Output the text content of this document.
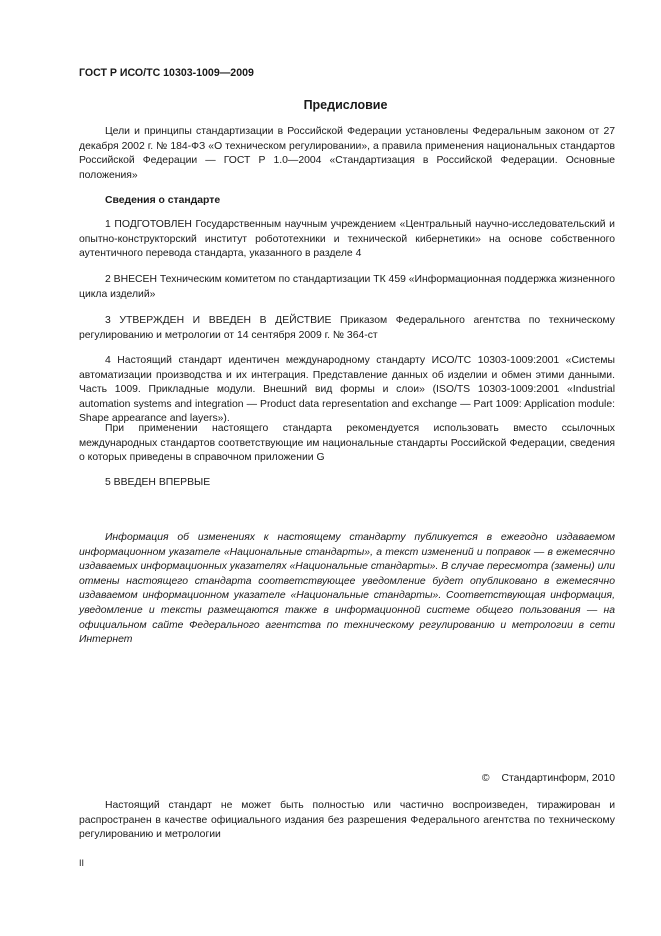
ГОСТ Р ИСО/ТС 10303-1009—2009
Предисловие

Цели и принципы стандартизации в Российской Федерации установлены Федеральным законом от 27 декабря 2002 г. № 184-ФЗ «О техническом регулировании», а правила применения национальных стандартов Российской Федерации — ГОСТ Р 1.0—2004 «Стандартизация в Российской Федерации. Основные положения»

Сведения о стандарте

1 ПОДГОТОВЛЕН Государственным научным учреждением «Центральный научно-исследовательский и опытно-конструкторский институт робототехники и технической кибернетики» на основе собственного аутентичного перевода стандарта, указанного в разделе 4

2 ВНЕСЕН Техническим комитетом по стандартизации ТК 459 «Информационная поддержка жизненного цикла изделий»

3 УТВЕРЖДЕН И ВВЕДЕН В ДЕЙСТВИЕ Приказом Федерального агентства по техническому регулированию и метрологии от 14 сентября 2009 г. № 364-ст

4 Настоящий стандарт идентичен международному стандарту ИСО/ТС 10303-1009:2001 «Системы автоматизации производства и их интеграция. Представление данных об изделии и обмен этими данными. Часть 1009. Прикладные модули. Внешний вид формы и слои» (ISO/TS 10303-1009:2001 «Industrial automation systems and integration — Product data representation and exchange — Part 1009: Application module: Shape appearance and layers»).

При применении настоящего стандарта рекомендуется использовать вместо ссылочных международных стандартов соответствующие им национальные стандарты Российской Федерации, сведения о которых приведены в справочном приложении G

5 ВВЕДЕН ВПЕРВЫЕ

Информация об изменениях к настоящему стандарту публикуется в ежегодно издаваемом информационном указателе «Национальные стандарты», а текст изменений и поправок — в ежемесячно издаваемых информационных указателях «Национальные стандарты». В случае пересмотра (замены) или отмены настоящего стандарта соответствующее уведомление будет опубликовано в ежемесячно издаваемом информационном указателе «Национальные стандарты». Соответствующая информация, уведомление и тексты размещаются также в информационной системе общего пользования — на официальном сайте Федерального агентства по техническому регулированию и метрологии в сети Интернет

© Стандартинформ, 2010

Настоящий стандарт не может быть полностью или частично воспроизведен, тиражирован и распространен в качестве официального издания без разрешения Федерального агентства по техническому регулированию и метрологии

II
